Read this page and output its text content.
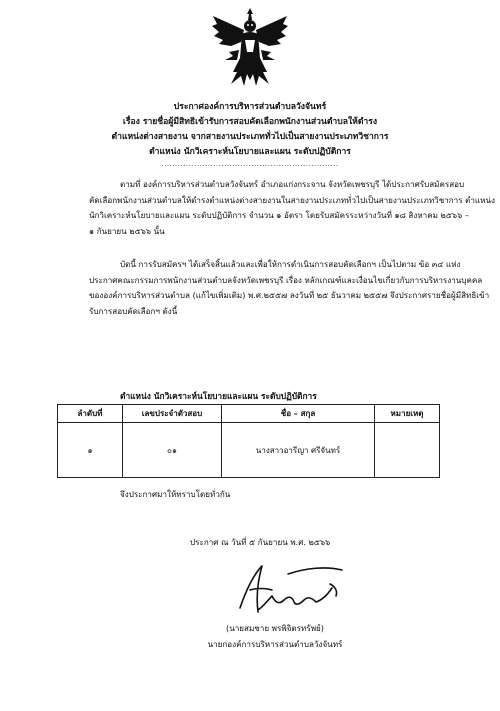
ประกาศองค์การบริหารส่วนตำบลวังจันทร์
เรื่อง รายชื่อผู้มีสิทธิเข้ารับการสอบคัดเลือกพนักงานส่วนตำบลให้ดำรง
ตำแหน่งต่างสายงาน จากสายงานประเภททั่วไปเป็นสายงานประเภทวิชาการ
ตำแหน่ง นักวิเคราะห์นโยบายและแผน ระดับปฏิบัติการ
.................................................................
ตามที่ องค์การบริหารส่วนตำบลวังจันทร์ อำเภอแก่งกระจาน จังหวัดเพชรบุรี ได้ประกาศรับสมัครสอบ
คัดเลือกพนักงานส่วนตำบลให้ดำรงตำแหน่งต่างสายงานในสายงานประเภททั่วไปเป็นสายงานประเภทวิชาการ ตำแหน่ง
นักวิเคราะห์นโยบายและแผน ระดับปฏิบัติการ จำนวน ๑ อัตรา โดยรับสมัครระหว่างวันที่ ๑๘ สิงหาคม ๒๕๖๖ –
๑ กันยายน ๒๕๖๖ นั้น
บัดนี้ การรับสมัครฯ ได้เสร็จสิ้นแล้วและเพื่อให้การดำเนินการสอบคัดเลือกฯ เป็นไปตาม ข้อ ๓๔ แห่ง
ประกาศคณะกรรมการพนักงานส่วนตำบลจังหวัดเพชรบุรี เรื่อง หลักเกณฑ์และเงื่อนไขเกี่ยวกับการบริหารงานบุคคล
ขององค์การบริหารส่วนตำบล (แก้ไขเพิ่มเติม) พ.ศ.๒๕๕๗ ลงวันที่ ๒๕ ธันวาคม ๒๕๕๗ จึงประกาศรายชื่อผู้มีสิทธิเข้า
รับการสอบคัดเลือกฯ ดังนี้
ตำแหน่ง นักวิเคราะห์นโยบายและแผน ระดับปฏิบัติการ
ลำดับที่	เลขประจำตัวสอบ	ชื่อ – สกุล	หมายเหตุ
๑	๐๑	นางสาวอารีญา ศรีจันทร์	
จึงประกาศมาให้ทราบโดยทั่วกัน
ประกาศ ณ วันที่ ๕ กันยายน พ.ศ. ๒๕๖๖
(นายสมชาย พรพิจิตรทรัพย์)
นายกองค์การบริหารส่วนตำบลวังจันทร์
